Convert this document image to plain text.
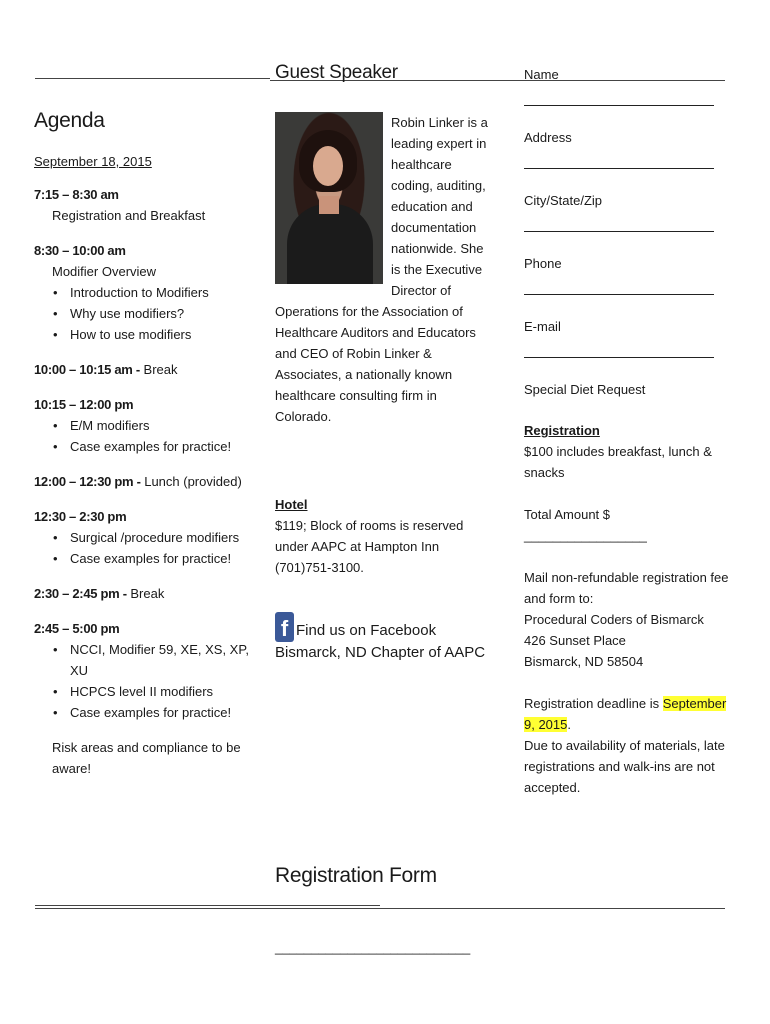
Guest Speaker
Agenda
September 18, 2015
7:15 – 8:30 am
Registration and Breakfast
8:30 – 10:00 am
Modifier Overview
• Introduction to Modifiers
• Why use modifiers?
• How to use modifiers
10:00 – 10:15 am - Break
10:15 – 12:00 pm
• E/M modifiers
• Case examples for practice!
12:00 – 12:30 pm - Lunch (provided)
12:30 – 2:30 pm
• Surgical /procedure modifiers
• Case examples for practice!
2:30 – 2:45 pm - Break
2:45 – 5:00 pm
• NCCI, Modifier 59, XE, XS, XP, XU
• HCPCS level II modifiers
• Case examples for practice!
Risk areas and compliance to be aware!
Robin Linker is a leading expert in healthcare coding, auditing, education and documentation nationwide. She is the Executive Director of Operations for the Association of Healthcare Auditors and Educators and CEO of Robin Linker & Associates, a nationally known healthcare consulting firm in Colorado.
Hotel
$119; Block of rooms is reserved under AAPC at Hampton Inn (701)751-3100.
f Find us on Facebook
Bismarck, ND Chapter of AAPC
Name
Address
City/State/Zip
Phone
E-mail
Special Diet Request
Registration
$100 includes breakfast, lunch & snacks
Total Amount $ _________________
Mail non-refundable registration fee and form to:
Procedural Coders of Bismarck
426 Sunset Place
Bismarck, ND 58504
Registration deadline is September 9, 2015.
Due to availability of materials, late registrations and walk-ins are not accepted.
Registration Form
___________________________
